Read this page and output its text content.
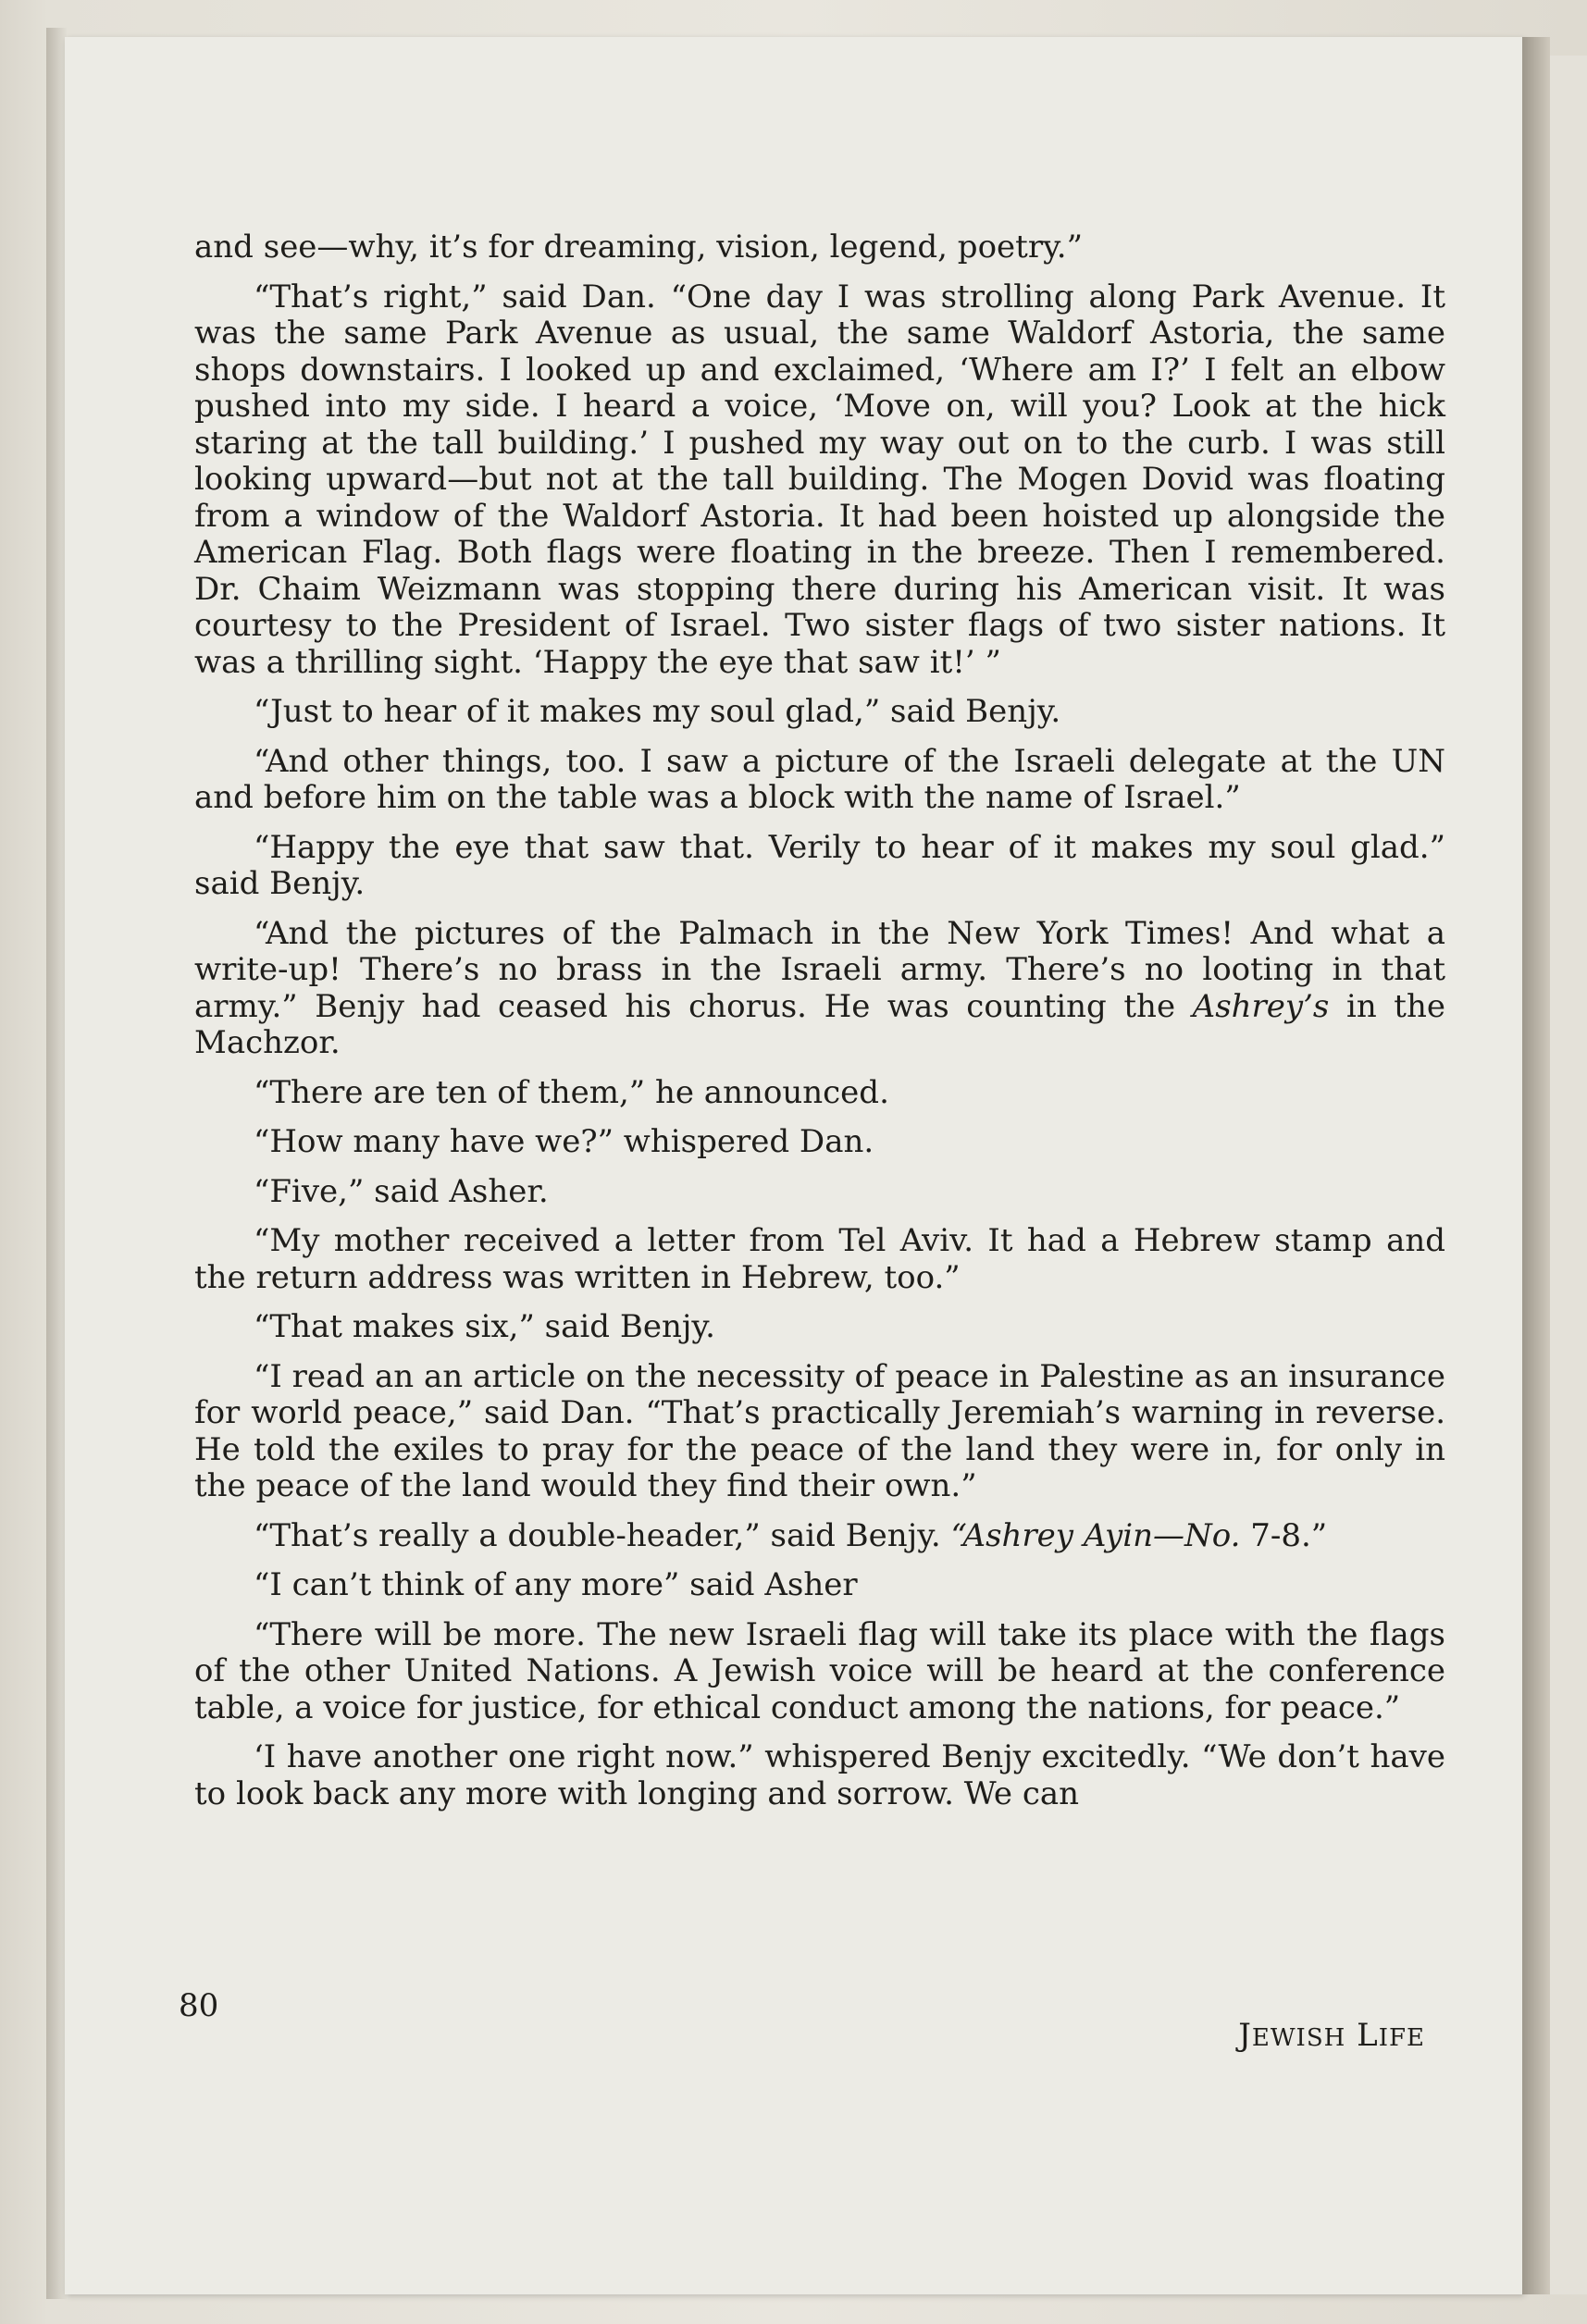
and see—why, it’s for dreaming, vision, legend, poetry.”

“That’s right,” said Dan. “One day I was strolling along Park Avenue. It was the same Park Avenue as usual, the same Waldorf Astoria, the same shops downstairs. I looked up and exclaimed, ‘Where am I?’ I felt an elbow pushed into my side. I heard a voice, ‘Move on, will you? Look at the hick staring at the tall building.’ I pushed my way out on to the curb. I was still looking upward—but not at the tall building. The Mogen Dovid was floating from a window of the Waldorf Astoria. It had been hoisted up alongside the American Flag. Both flags were floating in the breeze. Then I remembered. Dr. Chaim Weizmann was stopping there during his American visit. It was courtesy to the President of Israel. Two sister flags of two sister nations. It was a thrilling sight. ‘Happy the eye that saw it!’ ”

“Just to hear of it makes my soul glad,” said Benjy.

“And other things, too. I saw a picture of the Israeli delegate at the UN and before him on the table was a block with the name of Israel.”

“Happy the eye that saw that. Verily to hear of it makes my soul glad.” said Benjy.

“And the pictures of the Palmach in the New York Times! And what a write-up! There’s no brass in the Israeli army. There’s no looting in that army.” Benjy had ceased his chorus. He was counting the Ashrey’s in the Machzor.

“There are ten of them,” he announced.

“How many have we?” whispered Dan.

“Five,” said Asher.

“My mother received a letter from Tel Aviv. It had a Hebrew stamp and the return address was written in Hebrew, too.”

“That makes six,” said Benjy.

“I read an an article on the necessity of peace in Palestine as an insurance for world peace,” said Dan. “That’s practically Jeremiah’s warning in reverse. He told the exiles to pray for the peace of the land they were in, for only in the peace of the land would they find their own.”

“That’s really a double-header,” said Benjy. “Ashrey Ayin—No. 7-8.”

“I can’t think of any more” said Asher

“There will be more. The new Israeli flag will take its place with the flags of the other United Nations. A Jewish voice will be heard at the conference table, a voice for justice, for ethical conduct among the nations, for peace.”

‘I have another one right now.” whispered Benjy excitedly. “We don’t have to look back any more with longing and sorrow. We can

80
JEWISH LIFE
